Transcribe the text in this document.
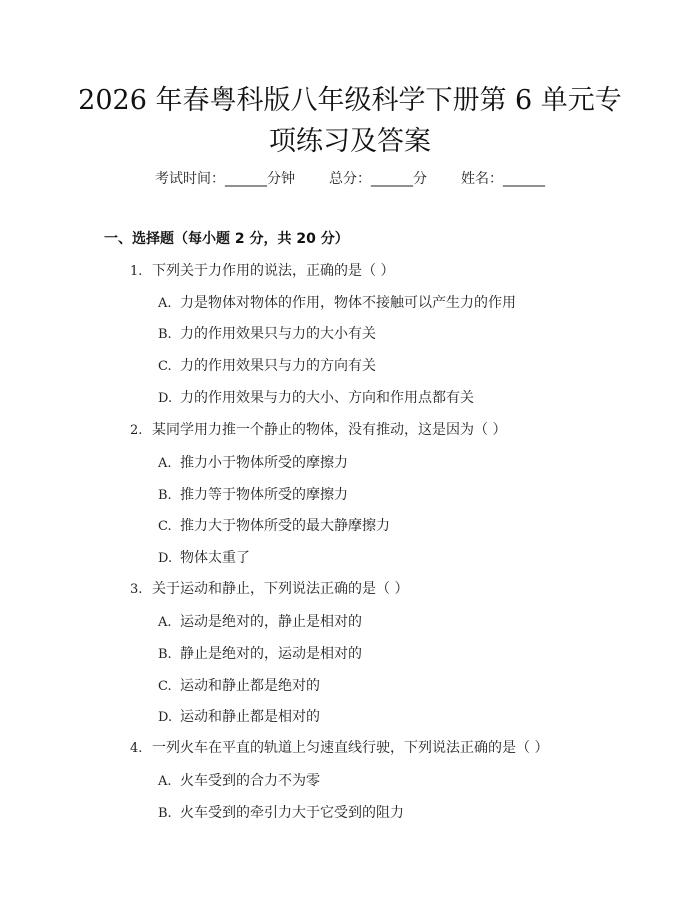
2026 年春粤科版八年级科学下册第 6 单元专
项练习及答案
考试时间：______分钟 总分：______分 姓名：______
一、选择题（每小题 2 分，共 20 分）
1. 下列关于力作用的说法，正确的是（ ）
A. 力是物体对物体的作用，物体不接触可以产生力的作用
B. 力的作用效果只与力的大小有关
C. 力的作用效果只与力的方向有关
D. 力的作用效果与力的大小、方向和作用点都有关
2. 某同学用力推一个静止的物体，没有推动，这是因为（ ）
A. 推力小于物体所受的摩擦力
B. 推力等于物体所受的摩擦力
C. 推力大于物体所受的最大静摩擦力
D. 物体太重了
3. 关于运动和静止，下列说法正确的是（ ）
A. 运动是绝对的，静止是相对的
B. 静止是绝对的，运动是相对的
C. 运动和静止都是绝对的
D. 运动和静止都是相对的
4. 一列火车在平直的轨道上匀速直线行驶，下列说法正确的是（ ）
A. 火车受到的合力不为零
B. 火车受到的牵引力大于它受到的阻力
